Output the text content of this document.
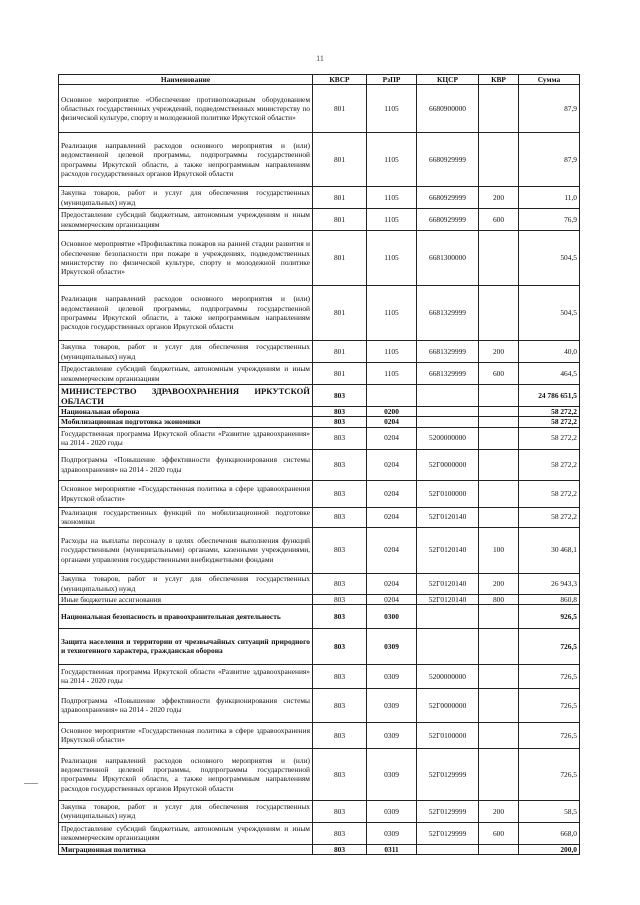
11
Наименование	КВСР	РзПР	КЦСР	КВР	Сумма
Основное мероприятие «Обеспечение противопожарным оборудованием областных государственных учреждений, подведомственных министерству по физической культуре, спорту и молодежной политике Иркутской области»	801	1105	6680900000		87,9
Реализация направлений расходов основного мероприятия и (или) ведомственной целевой программы, подпрограммы государственной программы Иркутской области, а также непрограммным направлениям расходов государственных органов Иркутской области	801	1105	6680929999		87,9
Закупка товаров, работ и услуг для обеспечения государственных (муниципальных) нужд	801	1105	6680929999	200	11,0
Предоставление субсидий бюджетным, автономным учреждениям и иным некоммерческим организациям	801	1105	6680929999	600	76,9
Основное мероприятие «Профилактика пожаров на ранней стадии развития и обеспечение безопасности при пожаре в учреждениях, подведомственных министерству по физической культуре, спорту и молодежной политике Иркутской области»	801	1105	6681300000		504,5
Реализация направлений расходов основного мероприятия и (или) ведомственной целевой программы, подпрограммы государственной программы Иркутской области, а также непрограммным направлениям расходов государственных органов Иркутской области	801	1105	6681329999		504,5
Закупка товаров, работ и услуг для обеспечения государственных (муниципальных) нужд	801	1105	6681329999	200	40,0
Предоставление субсидий бюджетным, автономным учреждениям и иным некоммерческим организациям	801	1105	6681329999	600	464,5
МИНИСТЕРСТВО ЗДРАВООХРАНЕНИЯ ИРКУТСКОЙ ОБЛАСТИ	803				24 786 651,5
Национальная оборона	803	0200			58 272,2
Мобилизационная подготовка экономики	803	0204			58 272,2
Государственная программа Иркутской области «Развитие здравоохранения» на 2014 - 2020 годы	803	0204	5200000000		58 272,2
Подпрограмма «Повышение эффективности функционирования системы здравоохранения» на 2014 - 2020 годы	803	0204	52Г0000000		58 272,2
Основное мероприятие «Государственная политика в сфере здравоохранения Иркутской области»	803	0204	52Г0100000		58 272,2
Реализация государственных функций по мобилизационной подготовке экономики	803	0204	52Г0120140		58 272,2
Расходы на выплаты персоналу в целях обеспечения выполнения функций государственными (муниципальными) органами, казенными учреждениями, органами управления государственными внебюджетными фондами	803	0204	52Г0120140	100	30 468,1
Закупка товаров, работ и услуг для обеспечения государственных (муниципальных) нужд	803	0204	52Г0120140	200	26 943,3
Иные бюджетные ассигнования	803	0204	52Г0120140	800	860,8
Национальная безопасность и правоохранительная деятельность	803	0300			926,5
Защита населения и территории от чрезвычайных ситуаций природного и техногенного характера, гражданская оборона	803	0309			726,5
Государственная программа Иркутской области «Развитие здравоохранения» на 2014 - 2020 годы	803	0309	5200000000		726,5
Подпрограмма «Повышение эффективности функционирования системы здравоохранения» на 2014 - 2020 годы	803	0309	52Г0000000		726,5
Основное мероприятие «Государственная политика в сфере здравоохранения Иркутской области»	803	0309	52Г0100000		726,5
Реализация направлений расходов основного мероприятия и (или) ведомственной целевой программы, подпрограммы государственной программы Иркутской области, а также непрограммным направлениям расходов государственных органов Иркутской области	803	0309	52Г0129999		726,5
Закупка товаров, работ и услуг для обеспечения государственных (муниципальных) нужд	803	0309	52Г0129999	200	58,5
Предоставление субсидий бюджетным, автономным учреждениям и иным некоммерческим организациям	803	0309	52Г0129999	600	668,0
Миграционная политика	803	0311			200,0
